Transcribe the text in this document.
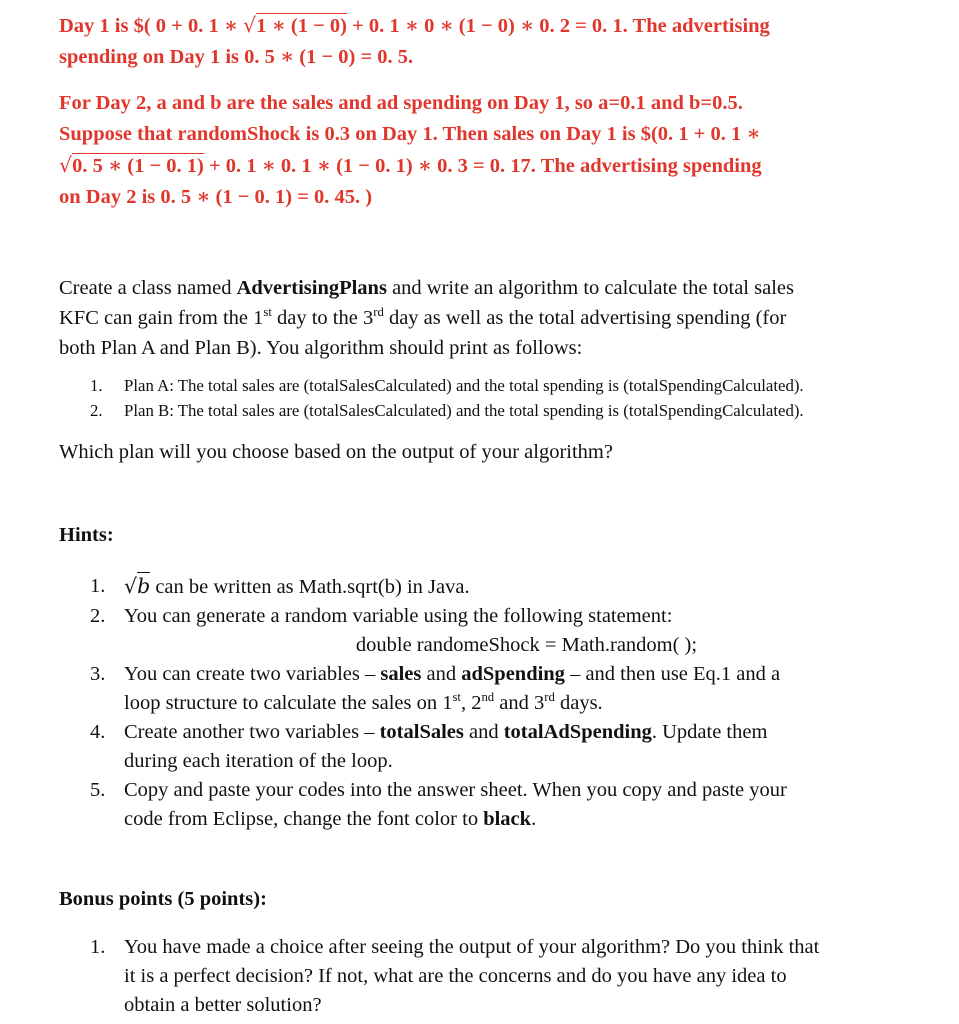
Day 1 is $( 0 + 0. 1 ∗ √1 ∗ (1 − 0) + 0. 1 ∗ 0 ∗ (1 − 0) ∗ 0. 2 = 0. 1. The advertising
spending on Day 1 is 0. 5 ∗ (1 − 0) = 0. 5.
For Day 2, a and b are the sales and ad spending on Day 1, so a=0.1 and b=0.5.
Suppose that randomShock is 0.3 on Day 1. Then sales on Day 1 is $(0. 1 + 0. 1 ∗
√0. 5 ∗ (1 − 0. 1) + 0. 1 ∗ 0. 1 ∗ (1 − 0. 1) ∗ 0. 3 = 0. 17. The advertising spending
on Day 2 is 0. 5 ∗ (1 − 0. 1) = 0. 45. )
Create a class named AdvertisingPlans and write an algorithm to calculate the total sales
KFC can gain from the 1st day to the 3rd day as well as the total advertising spending (for
both Plan A and Plan B). You algorithm should print as follows:
1.	Plan A: The total sales are (totalSalesCalculated) and the total spending is (totalSpendingCalculated).
2.	Plan B: The total sales are (totalSalesCalculated) and the total spending is (totalSpendingCalculated).
Which plan will you choose based on the output of your algorithm?
Hints:
1. √b can be written as Math.sqrt(b) in Java.
2. You can generate a random variable using the following statement:
double randomeShock = Math.random( );
3. You can create two variables – sales and adSpending – and then use Eq.1 and a
loop structure to calculate the sales on 1st, 2nd and 3rd days.
4. Create another two variables – totalSales and totalAdSpending. Update them
during each iteration of the loop.
5. Copy and paste your codes into the answer sheet. When you copy and paste your
code from Eclipse, change the font color to black.
Bonus points (5 points):
1. You have made a choice after seeing the output of your algorithm? Do you think that
it is a perfect decision? If not, what are the concerns and do you have any idea to
obtain a better solution?
